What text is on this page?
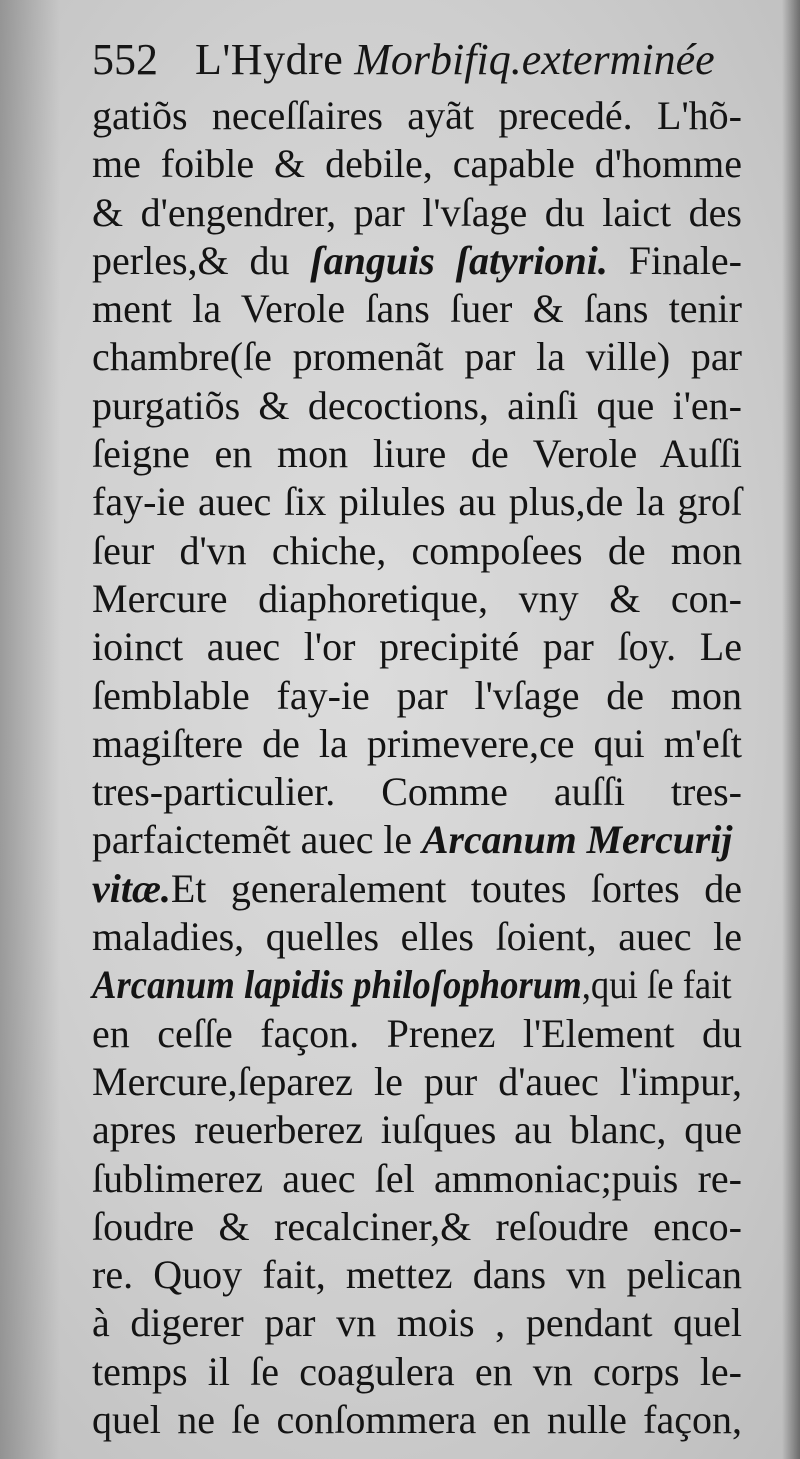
552 L'Hydre Morbifiq.exterminée
gatiõs neceſſaires ayãt precedé. L'hõ-
me foible & debile, capable d'homme
& d'engendrer, par l'vſage du laict des
perles,& du ſanguis ſatyrioni. Finale-
ment la Verole ſans ſuer & ſans tenir
chambre(ſe promenãt par la ville) par
purgatiõs & decoctions, ainſi que i'en-
ſeigne en mon liure de Verole Auſſi
fay-ie auec ſix pilules au plus,de la groſ
ſeur d'vn chiche, compoſees de mon
Mercure diaphoretique, vny & con-
ioinct auec l'or precipité par ſoy. Le
ſemblable fay-ie par l'vſage de mon
magiſtere de la primevere,ce qui m'eſt
tres-particulier. Comme auſſi tres-
parfaictemẽt auec le Arcanum Mercurij
vitæ.Et generalement toutes ſortes de
maladies, quelles elles ſoient, auec le
Arcanum lapidis philoſophorum,qui ſe fait
en ceſſe façon. Prenez l'Element du
Mercure,ſeparez le pur d'auec l'impur,
apres reuerberez iuſques au blanc, que
ſublimerez auec ſel ammoniac;puis re-
ſoudre & recalciner,& reſoudre enco-
re. Quoy fait, mettez dans vn pelican
à digerer par vn mois , pendant quel
temps il ſe coagulera en vn corps le-
quel ne ſe conſommera en nulle façon,
